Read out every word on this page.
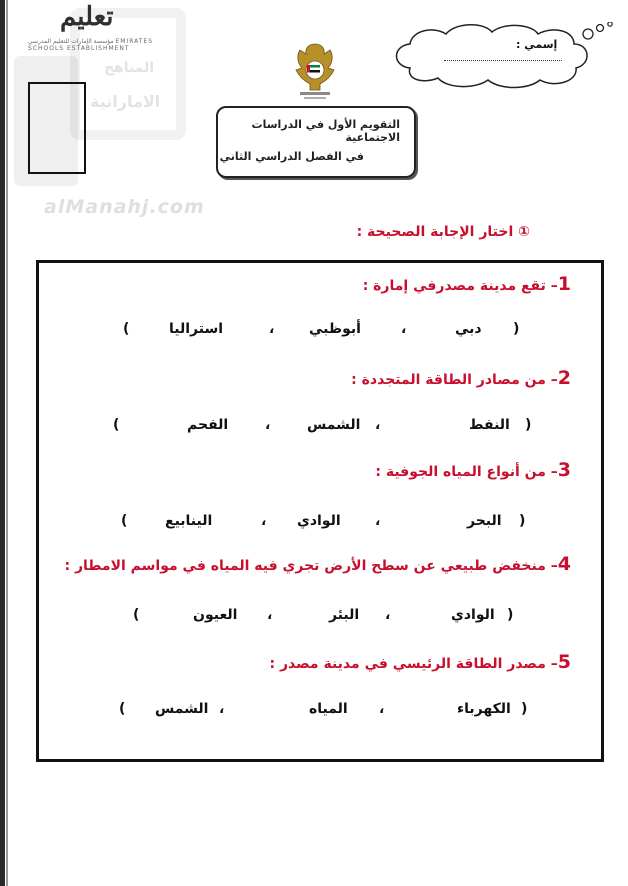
تعليم
مؤسسة الإمارات للتعليم المدرسي EMIRATES SCHOOLS ESTABLISHMENT
المناهج
الاماراتية
alManahj.com
التقويم الأول في الدراسات الاجتماعية
في الفصل الدراسي الثاني
إسمي :
① اختار الإجابة الصحيحة :
1– تقع مدينة مصدرفي إمارة :
(
دبي
،
أبوظبي
،
استراليا
)
2– من مصادر الطاقة المتجددة :
(
النفط
،
الشمس
،
الفحم
)
3– من أنواع المياه الجوفية :
(
البحر
،
الوادي
،
الينابيع
)
4– منخفض طبيعي عن سطح الأرض تجري فيه المياه في مواسم الامطار :
(
الوادي
،
البئر
،
العيون
)
5– مصدر الطاقة الرئيسي في مدينة مصدر :
(
الكهرباء
،
المياه
،
الشمس
)
